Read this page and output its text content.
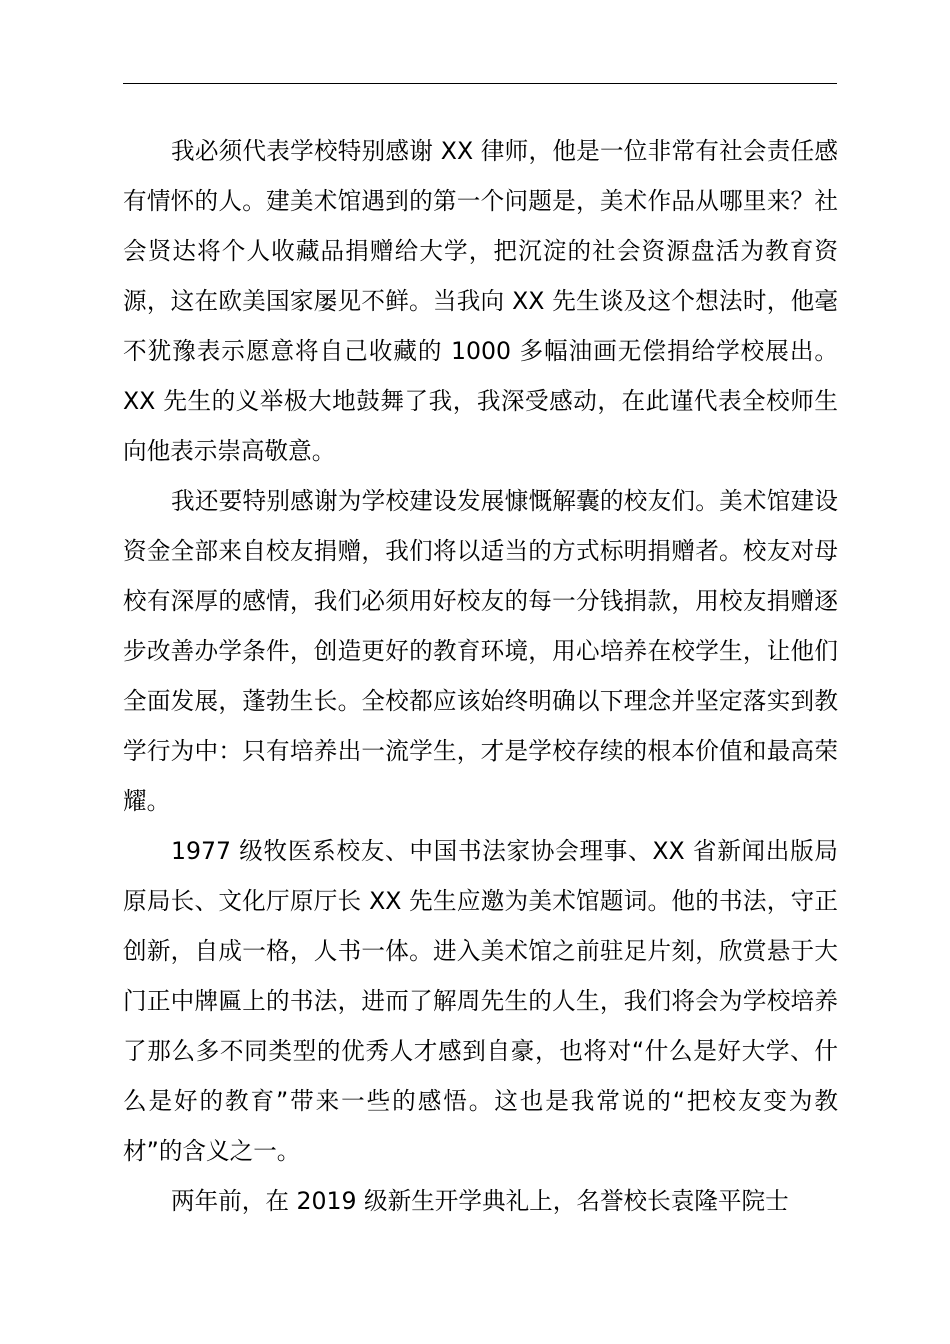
我必须代表学校特别感谢 XX 律师，他是一位非常有社会责任感有情怀的人。建美术馆遇到的第一个问题是，美术作品从哪里来？社会贤达将个人收藏品捐赠给大学，把沉淀的社会资源盘活为教育资源，这在欧美国家屡见不鲜。当我向 XX 先生谈及这个想法时，他毫不犹豫表示愿意将自己收藏的 1000 多幅油画无偿捐给学校展出。XX 先生的义举极大地鼓舞了我，我深受感动，在此谨代表全校师生向他表示崇高敬意。

我还要特别感谢为学校建设发展慷慨解囊的校友们。美术馆建设资金全部来自校友捐赠，我们将以适当的方式标明捐赠者。校友对母校有深厚的感情，我们必须用好校友的每一分钱捐款，用校友捐赠逐步改善办学条件，创造更好的教育环境，用心培养在校学生，让他们全面发展，蓬勃生长。全校都应该始终明确以下理念并坚定落实到教学行为中：只有培养出一流学生，才是学校存续的根本价值和最高荣耀。

1977 级牧医系校友、中国书法家协会理事、XX 省新闻出版局原局长、文化厅原厅长 XX 先生应邀为美术馆题词。他的书法，守正创新，自成一格，人书一体。进入美术馆之前驻足片刻，欣赏悬于大门正中牌匾上的书法，进而了解周先生的人生，我们将会为学校培养了那么多不同类型的优秀人才感到自豪，也将对“什么是好大学、什么是好的教育”带来一些的感悟。这也是我常说的“把校友变为教材”的含义之一。

两年前，在 2019 级新生开学典礼上，名誉校长袁隆平院士
